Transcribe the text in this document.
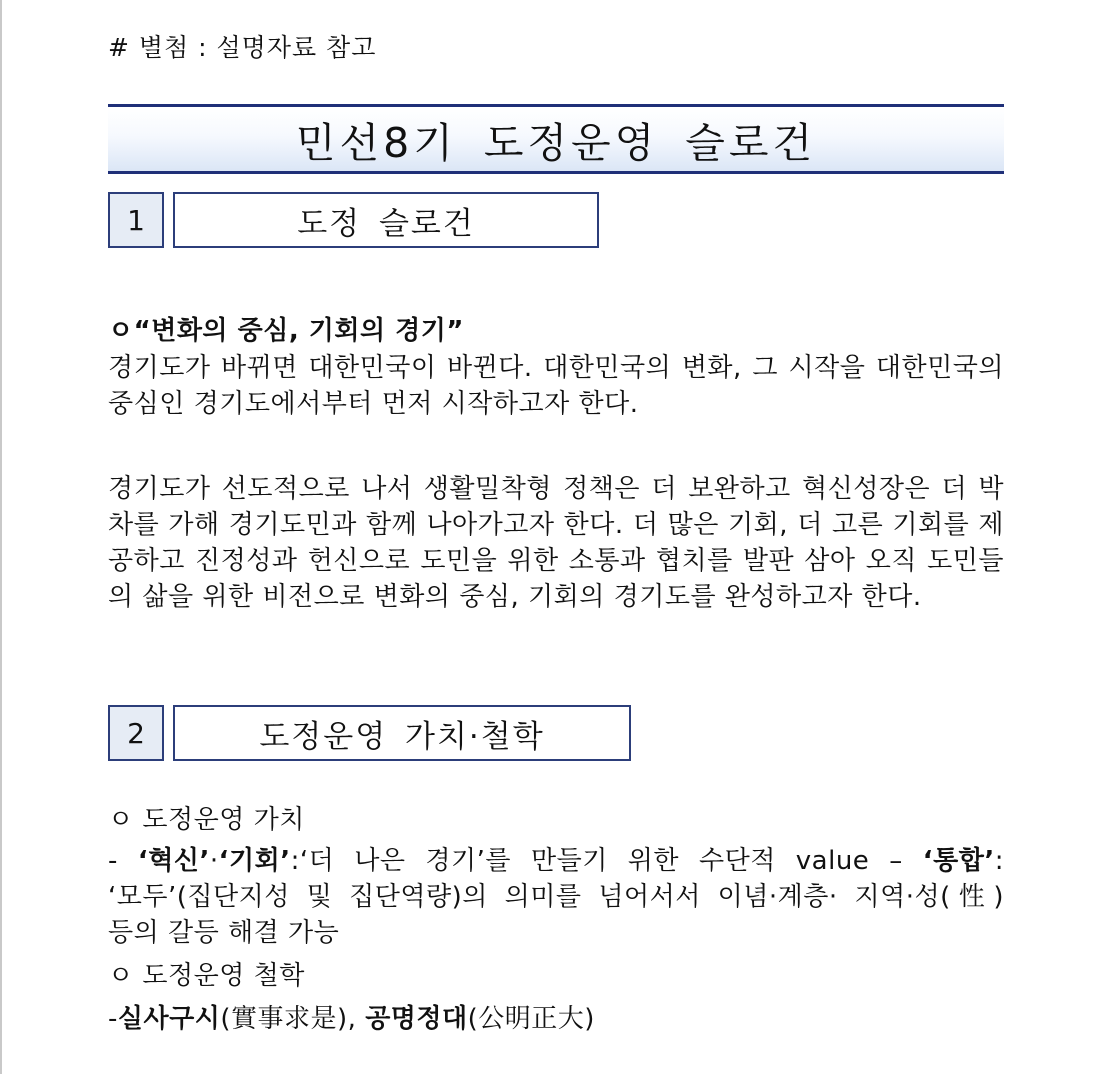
# 별첨 : 설명자료 참고
민선8기 도정운영 슬로건
1	도정 슬로건
ㅇ“변화의 중심, 기회의 경기”
경기도가 바뀌면 대한민국이 바뀐다. 대한민국의 변화, 그 시작을 대한민국의 중심인 경기도에서부터 먼저 시작하고자 한다.
경기도가 선도적으로 나서 생활밀착형 정책은 더 보완하고 혁신성장은 더 박차를 가해 경기도민과 함께 나아가고자 한다. 더 많은 기회, 더 고른 기회를 제공하고 진정성과 헌신으로 도민을 위한 소통과 협치를 발판 삼아 오직 도민들의 삶을 위한 비전으로 변화의 중심, 기회의 경기도를 완성하고자 한다.
2	도정운영 가치·철학
ㅇ 도정운영 가치
- ‘혁신’·‘기회’:‘더 나은 경기’를 만들기 위한 수단적 value – ‘통합’:
‘모두’(집단지성 및 집단역량)의 의미를 넘어서서 이념·계층· 지역·성(性)
등의 갈등 해결 가능
ㅇ 도정운영 철학
-실사구시(實事求是), 공명정대(公明正大)
